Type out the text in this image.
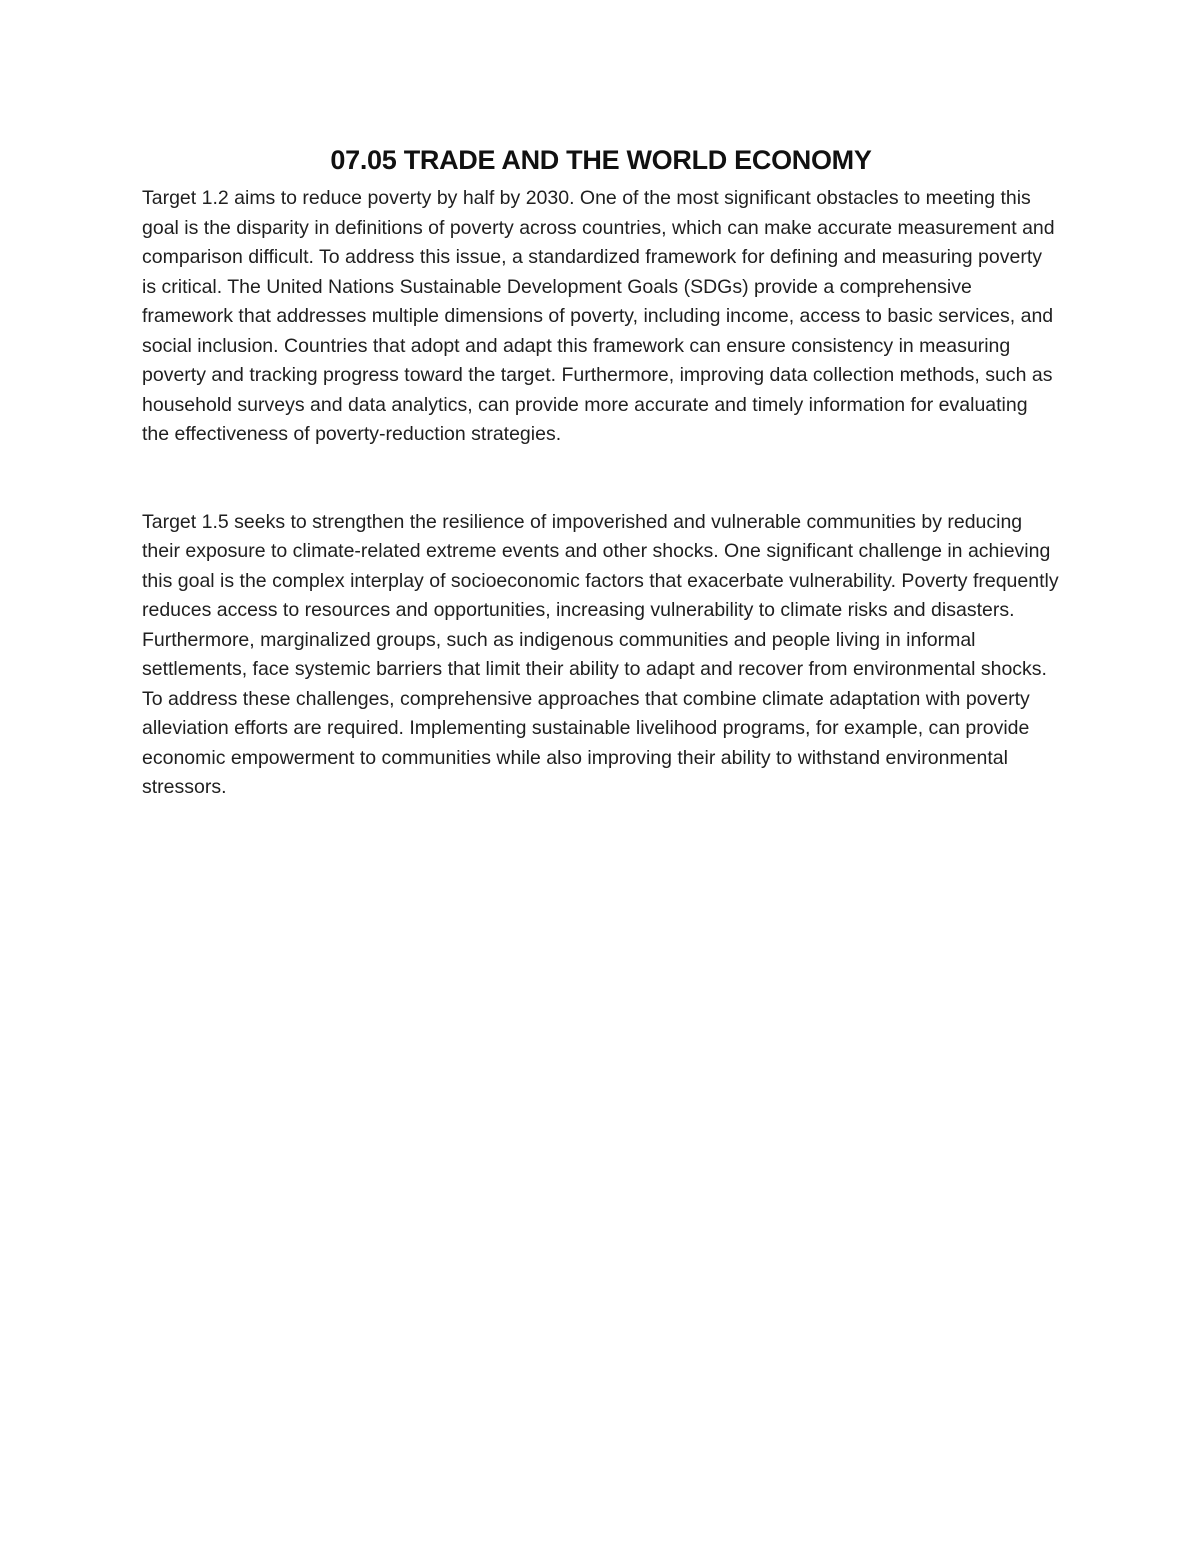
07.05 TRADE AND THE WORLD ECONOMY

Target 1.2 aims to reduce poverty by half by 2030. One of the most significant obstacles to meeting this goal is the disparity in definitions of poverty across countries, which can make accurate measurement and comparison difficult. To address this issue, a standardized framework for defining and measuring poverty is critical. The United Nations Sustainable Development Goals (SDGs) provide a comprehensive framework that addresses multiple dimensions of poverty, including income, access to basic services, and social inclusion. Countries that adopt and adapt this framework can ensure consistency in measuring poverty and tracking progress toward the target. Furthermore, improving data collection methods, such as household surveys and data analytics, can provide more accurate and timely information for evaluating the effectiveness of poverty-reduction strategies.

Target 1.5 seeks to strengthen the resilience of impoverished and vulnerable communities by reducing their exposure to climate-related extreme events and other shocks. One significant challenge in achieving this goal is the complex interplay of socioeconomic factors that exacerbate vulnerability. Poverty frequently reduces access to resources and opportunities, increasing vulnerability to climate risks and disasters. Furthermore, marginalized groups, such as indigenous communities and people living in informal settlements, face systemic barriers that limit their ability to adapt and recover from environmental shocks. To address these challenges, comprehensive approaches that combine climate adaptation with poverty alleviation efforts are required. Implementing sustainable livelihood programs, for example, can provide economic empowerment to communities while also improving their ability to withstand environmental stressors.
